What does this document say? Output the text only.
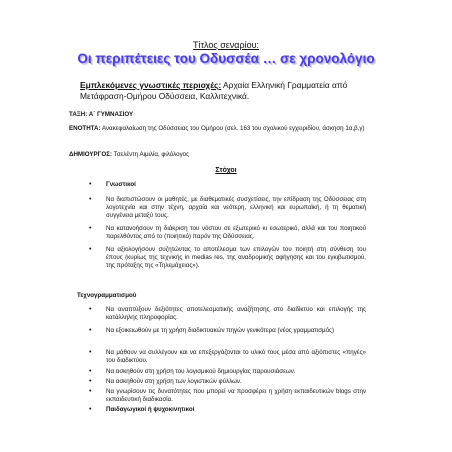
Τίτλος σεναρίου:
Οι περιπέτειες του Οδυσσέα … σε χρονολόγιο
Εμπλεκόμενες γνωστικές περιοχές: Αρχαία Ελληνική Γραμματεία από Μετάφραση-Ομήρου Οδύσσεια, Καλλιτεχνικά.
ΤΑΞΗ: Α΄ ΓΥΜΝΑΣΙΟΥ
ΕΝΟΤΗΤΑ: Ανακεφαλαίωση της Οδύσσειας του Ομήρου (σελ. 163 του σχολικού εγχειριδίου, άσκηση 1α,β,γ)
ΔΗΜΙΟΥΡΓΟΣ: Τσελέντη Αιμιλία, φιλόλογος
Στόχοι
• Γνωστικοί
• Να διαπιστώσουν οι μαθητές, με διαθεματικές συσχετίσεις, την επίδραση της Οδύσσειας στη λογοτεχνία και στην τέχνη, αρχαία και νεότερη, ελληνική και ευρωπαϊκή, ή τη θεματική συγγένεια μεταξύ τους.
• Να κατανοήσουν τη διάκριση του νόστου σε εξωτερικό κι εσωτερικό, αλλά και του ποιητικού παρελθόντος από το (ποιητικό) παρόν της Οδύσσειας.
• Να αξιολογήσουν συζητώντας το αποτέλεσμα των επιλογών του ποιητή στη σύνθεση του έπους (κυρίως της τεχνικής in medias res, της αναδρομικής αφήγησης και του εγκιβωτισμού, της πρόταξης της «Τηλεμάχειας»).
Τεχνογραμματισμού
• Να αναπτύξουν δεξιότητες αποτελεσματικής αναζήτησης στο διαδίκτυο και επιλογής της κατάλληλης πληροφορίας.
• Να εξοικειωθούν με τη χρήση διαδικτυακών πηγών γενικότερα (νέος γραμματισμός)
• Να μάθουν να συλλέγουν και να επεξεργάζονται το υλικό τους μέσα από αξιόπιστες «πηγές» του διαδικτύου.
• Να ασκηθούν στη χρήση του λογισμικού δημιουργίας παρουσιάσεων.
• Να ασκηθούν στη χρήση των λογιστικών φύλλων.
• Να γνωρίσουν τις δυνατότητες που μπορεί να προσφέρει η χρήση εκπαιδευτικών blogs στην εκπαιδευτική διαδικασία.
• Παιδαγωγικοί ή ψυχοκινητικοί
